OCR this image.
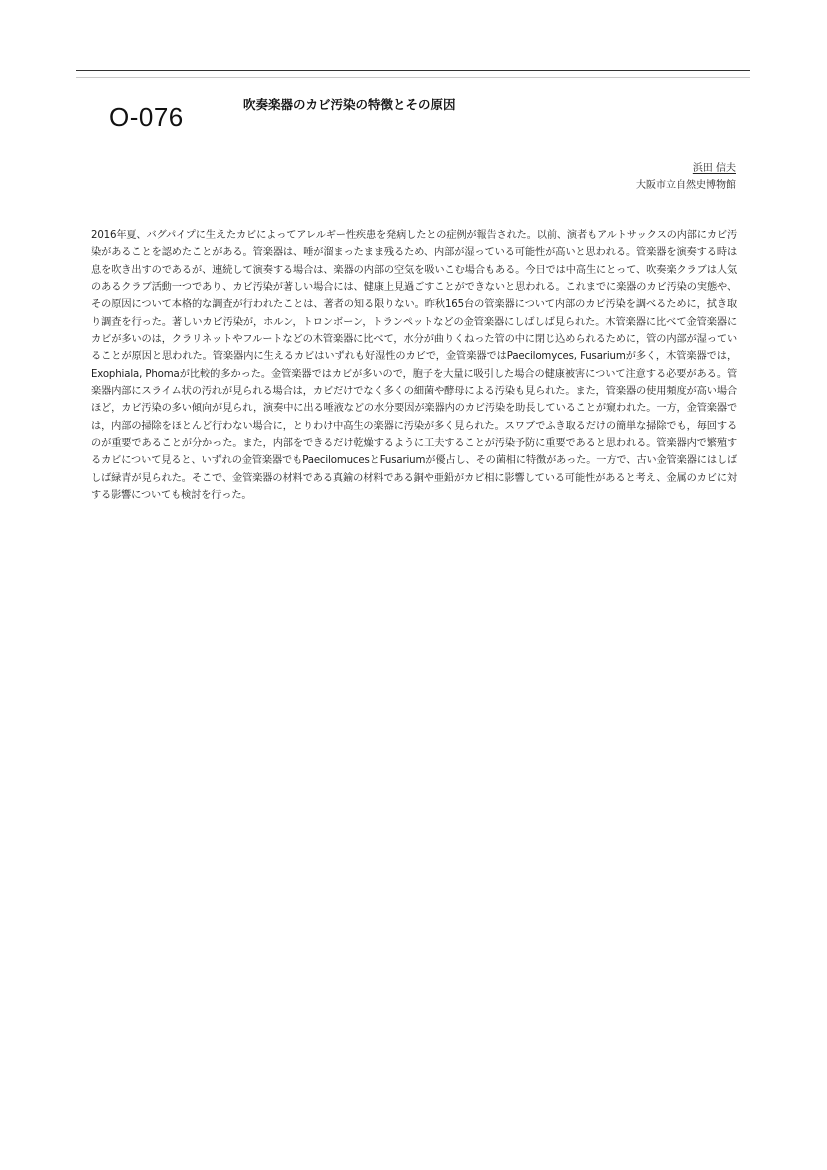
O-076	吹奏楽器のカビ汚染の特徴とその原因
浜田 信夫
大阪市立自然史博物館

2016年夏、バグパイプに生えたカビによってアレルギー性疾患を発病したとの症例が報告された。以前、演者もアルトサックスの内部にカビ汚染があることを認めたことがある。管楽器は、唾が溜まったまま残るため、内部が湿っている可能性が高いと思われる。管楽器を演奏する時は息を吹き出すのであるが、連続して演奏する場合は、楽器の内部の空気を吸いこむ場合もある。今日では中高生にとって、吹奏楽クラブは人気のあるクラブ活動一つであり、カビ汚染が著しい場合には、健康上見過ごすことができないと思われる。これまでに楽器のカビ汚染の実態や、その原因について本格的な調査が行われたことは、著者の知る限りない。昨秋165台の管楽器について内部のカビ汚染を調べるために，拭き取り調査を行った。著しいカビ汚染が，ホルン，トロンボーン，トランペットなどの金管楽器にしばしば見られた。木管楽器に比べて金管楽器にカビが多いのは，クラリネットやフルートなどの木管楽器に比べて，水分が曲りくねった管の中に閉じ込められるために，管の内部が湿っていることが原因と思われた。管楽器内に生えるカビはいずれも好湿性のカビで，金管楽器ではPaecilomyces, Fusariumが多く，木管楽器では，Exophiala, Phomaが比較的多かった。金管楽器ではカビが多いので，胞子を大量に吸引した場合の健康被害について注意する必要がある。管楽器内部にスライム状の汚れが見られる場合は，カビだけでなく多くの細菌や酵母による汚染も見られた。また，管楽器の使用頻度が高い場合ほど，カビ汚染の多い傾向が見られ，演奏中に出る唾液などの水分要因が楽器内のカビ汚染を助長していることが窺われた。一方，金管楽器では，内部の掃除をほとんど行わない場合に，とりわけ中高生の楽器に汚染が多く見られた。スワブでふき取るだけの簡単な掃除でも，毎回するのが重要であることが分かった。また，内部をできるだけ乾燥するように工夫することが汚染予防に重要であると思われる。管楽器内で繁殖するカビについて見ると、いずれの金管楽器でもPaecilomucesとFusariumが優占し、その菌相に特徴があった。一方で、古い金管楽器にはしばしば緑青が見られた。そこで、金管楽器の材料である真鍮の材料である銅や亜鉛がカビ相に影響している可能性があると考え、金属のカビに対する影響についても検討を行った。
